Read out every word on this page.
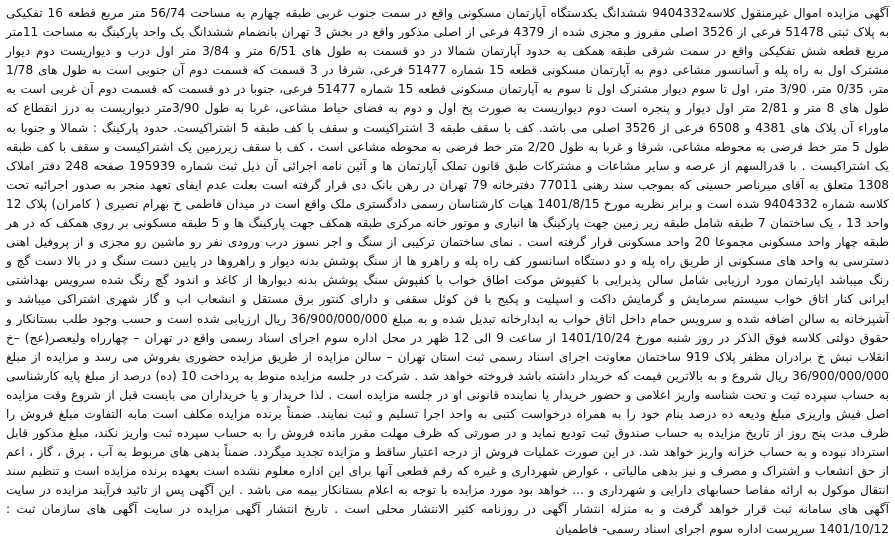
آگهی مزایده اموال غیرمنقول کلاسه9404332 ششدانگ یکدستگاه آپارتمان مسکونی واقع در سمت جنوب غربی طبقه چهارم به مساحت 56/74 متر مربع قطعه 16 تفکیکی به پلاک ثبتی 51478 فرعی از 3526 اصلی مفروز و مجزی شده از 4379 فرعی از اصلی مذکور واقع در بخش 3 تهران بانضمام ششدانگ یک واحد پارکینگ به مساحت 11متر مربع قطعه شش تفکیکی واقع در سمت شرقی طبقه همکف به حدود آپارتمان شمالا در دو قسمت به طول های 6/51 متر و 3/84 متر اول درب و دیواریست دوم دیوار مشترک اول به راه پله و آسانسور مشاعی دوم به آپارتمان مسکونی قطعه 15 شماره 51477 فرعی، شرقا در 3 قسمت که قسمت دوم آن جنوبی است به طول های 1/78 متر، 0/35 متر، 3/90 متر، اول تا سوم دیوار مشترک اول تا سوم به آپارتمان مسکونی قطعه 15 شماره 51477 فرعی، جنوبا در دو قسمت که قسمت دوم آن غربی است به طول های 8 متر و 2/81 متر اول دیوار و پنجره است دوم دیواریست به صورت پخ اول و دوم به فضای حیاط مشاعی، غربا به طول 3/90متر دیواریست به درز انقطاع که ماوراء آن پلاک های 4381 و 6508 فرعی از 3526 اصلی می باشد. کف با سقف طبقه 3 اشتراکیست و سقف با کف طبقه 5 اشتراکیست. حدود پارکینگ : شمالا و جنوبا به طول 5 متر خط فرضی به محوطه مشاعی، شرقا و غربا به طول 2/20 متر خط فرضی به محوطه مشاعی است ، کف با سقف زیرزمین یک اشتراکیست و سقف با کف طبقه یک اشتراکیست . با قدرالسهم از عرصه و سایر مشاعات و مشترکات طبق قانون تملک آپارتمان ها و آئین نامه اجرائی آن ذیل ثبت شماره 195939 صفحه 248 دفتر املاک 1308 متعلق به آقای میرناصر حسینی که بموجب سند رهنی 77011 دفترخانه 79 تهران در رهن بانک دی قرار گرفته است بعلت عدم ایفای تعهد منجر به صدور اجرائیه تحت کلاسه شماره 9404332 شده است و برابر نظریه مورخ 1401/8/15 هیات کارشناسان رسمی دادگستری ملک واقع است در میدان فاطمی خ بهرام نصیری ( کامران) پلاک 12 واحد 13 ، یک ساختمان 7 طبقه شامل طبقه زیر زمین جهت پارکینگ ها انباری و موتور خانه مرکزی طبقه همکف جهت پارکینگ ها و 5 طبقه مسکونی بر روی همکف که در هر طبقه چهار واحد مسکونی مجموعا 20 واحد مسکونی قرار گرفته است . نمای ساختمان ترکیبی از سنگ و اجر نسوز درب ورودی نفر رو ماشین رو مجزی و از پروفیل اهنی دسترسی به واحد های مسکونی از طریق راه پله و دو دستگاه اسانسور کف راه پله و راهرو ها از سنگ پوشش بدنه دیوار و راهروها در پایین دست سنگ و در بالا دست گچ و رنگ میباشد اپارتمان مورد ارزیابی شامل سالن پذیرایی با کفپوش موکت اطاق خواب با کفپوش سنگ پوشش بدنه دیوارها از کاغذ و اندود گچ رنگ شده سرویس بهداشتی ایرانی کنار اتاق خواب سیستم سرمایش و گرمایش داکت و اسپلیت و پکیج با فن کوئل سقفی و دارای کنتور برق مستقل و انشعاب اب و گاز شهری اشتراکی میباشد و آشپزخانه به سالن اضافه شده و سرویس حمام داخل اتاق خواب به ابدارخانه تبدیل شده و به مبلغ 36/900/000/000 ریال ارزیابی شده است و حسب وجود طلب بستانکار و حقوق دولتی کلاسه فوق الذکر در روز شنبه مورخ 1401/10/24 از ساعت 9 الی 12 ظهر در محل اداره سوم اجرای اسناد رسمی واقع در تهران – چهارراه ولیعصر(عج) –خ انقلاب نبش خ برادران مظفر پلاک 919 ساختمان معاونت اجرای اسناد رسمی ثبت استان تهران – سالن مزایده از طریق مزایده حضوری بفروش می رسد و مزایده از مبلغ 36/900/000/000 ریال شروع و به بالاترین قیمت که خریدار داشته باشد فروخته خواهد شد . شرکت در جلسه مزایده منوط به پرداخت 10 (ده) درصد از مبلغ پایه کارشناسی به حساب سپرده ثبت و تحت شناسه واریز اعلامی و حضور خریدار یا نماینده قانونی او در جلسه مزایده است . لذا خریدار و یا خریداران می بایست قبل از شروع وقت مزایده اصل فیش واریزی مبلغ ودیعه ده درصد بنام خود را به همراه درخواست کتبی به واحد اجرا تسلیم و ثبت نمایند. ضمناً برنده مزایده مکلف است مابه التفاوت مبلغ فروش را ظرف مدت پنج روز از تاریخ مزایده به حساب صندوق ثبت تودیع نماید و در صورتی که ظرف مهلت مقرر مانده فروش را به حساب سپرده ثبت واریز نکند، مبلغ مذکور قابل استرداد نبوده و به حساب خزانه واریز خواهد شد. در این صورت عملیات فروش از درجه اعتبار ساقط و مزایده تجدید میگردد. ضمناً بدهی های مربوط به آب ، برق ، گاز ، اعم از حق انشعاب و اشتراک و مصرف و نیز بدهی مالیاتی ، عوارض شهرداری و غیره که رقم قطعی آنها برای این اداره معلوم نشده است بعهده برنده مزایده است و تنظیم سند انتقال موکول به ارائه مفاصا حسابهای دارایی و شهرداری و ... خواهد بود مورد مزایده با توجه به اعلام بستانکار بیمه می باشد . این آگهی پس از تائید فرآیند مزایده در سایت آگهی های سامانه ثبت قرار خواهد گرفت و به منزله انتشار آگهی در روزنامه کثیر الانتشار محلی است . تاریخ انتشار آگهی مزایده در سایت آگهی های سازمان ثبت : 1401/10/12 سرپرست اداره سوم اجرای اسناد رسمی- فاطمیان
